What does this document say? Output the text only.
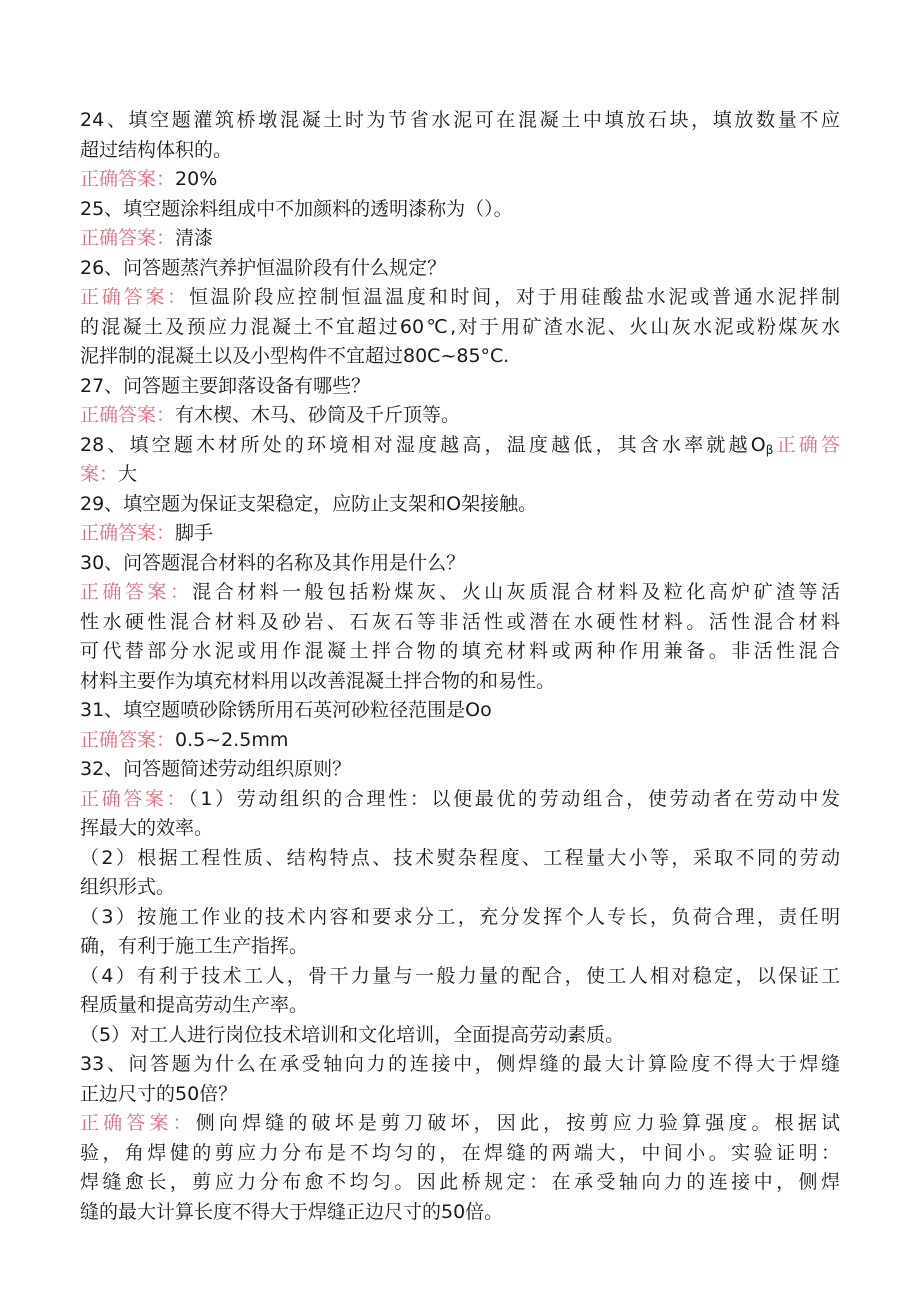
24、填空题灌筑桥墩混凝土时为节省水泥可在混凝土中填放石块，填放数量不应
超过结构体积的。
正确答案：20%
25、填空题涂料组成中不加颜料的透明漆称为（）。
正确答案：清漆
26、问答题蒸汽养护恒温阶段有什么规定？
正确答案：恒温阶段应控制恒温温度和时间，对于用硅酸盐水泥或普通水泥拌制
的混凝土及预应力混凝土不宜超过60℃,对于用矿渣水泥、火山灰水泥或粉煤灰水
泥拌制的混凝土以及小型构件不宜超过80C~85°C.
27、问答题主要卸落设备有哪些？
正确答案：有木楔、木马、砂筒及千斤顶等。
28、填空题木材所处的环境相对湿度越高，温度越低，其含水率就越$O_\beta$正确答
案：大
29、填空题为保证支架稳定，应防止支架和O架接触。
正确答案：脚手
30、问答题混合材料的名称及其作用是什么？
正确答案：混合材料一般包括粉煤灰、火山灰质混合材料及粒化高炉矿渣等活
性水硬性混合材料及砂岩、石灰石等非活性或潜在水硬性材料。活性混合材料
可代替部分水泥或用作混凝土拌合物的填充材料或两种作用兼备。非活性混合
材料主要作为填充材料用以改善混凝土拌合物的和易性。
31、填空题喷砂除锈所用石英河砂粒径范围是Oo
正确答案：0.5~2.5mm
32、问答题简述劳动组织原则？
正确答案：（1）劳动组织的合理性：以便最优的劳动组合，使劳动者在劳动中发
挥最大的效率。
（2）根据工程性质、结构特点、技术熨杂程度、工程量大小等，采取不同的劳动
组织形式。
（3）按施工作业的技术内容和要求分工，充分发挥个人专长，负荷合理，责任明
确，有利于施工生产指挥。
（4）有利于技术工人，骨干力量与一般力量的配合，使工人相对稳定，以保证工
程质量和提高劳动生产率。
（5）对工人进行岗位技术培训和文化培训，全面提高劳动素质。
33、问答题为什么在承受轴向力的连接中，侧焊缝的最大计算险度不得大于焊缝
正边尺寸的50倍？
正确答案：侧向焊缝的破坏是剪刀破坏，因此，按剪应力验算强度。根据试
验，角焊健的剪应力分布是不均匀的，在焊缝的两端大，中间小。实验证明：
焊缝愈长，剪应力分布愈不均匀。因此桥规定：在承受轴向力的连接中，侧焊
缝的最大计算长度不得大于焊缝正边尺寸的50倍。
